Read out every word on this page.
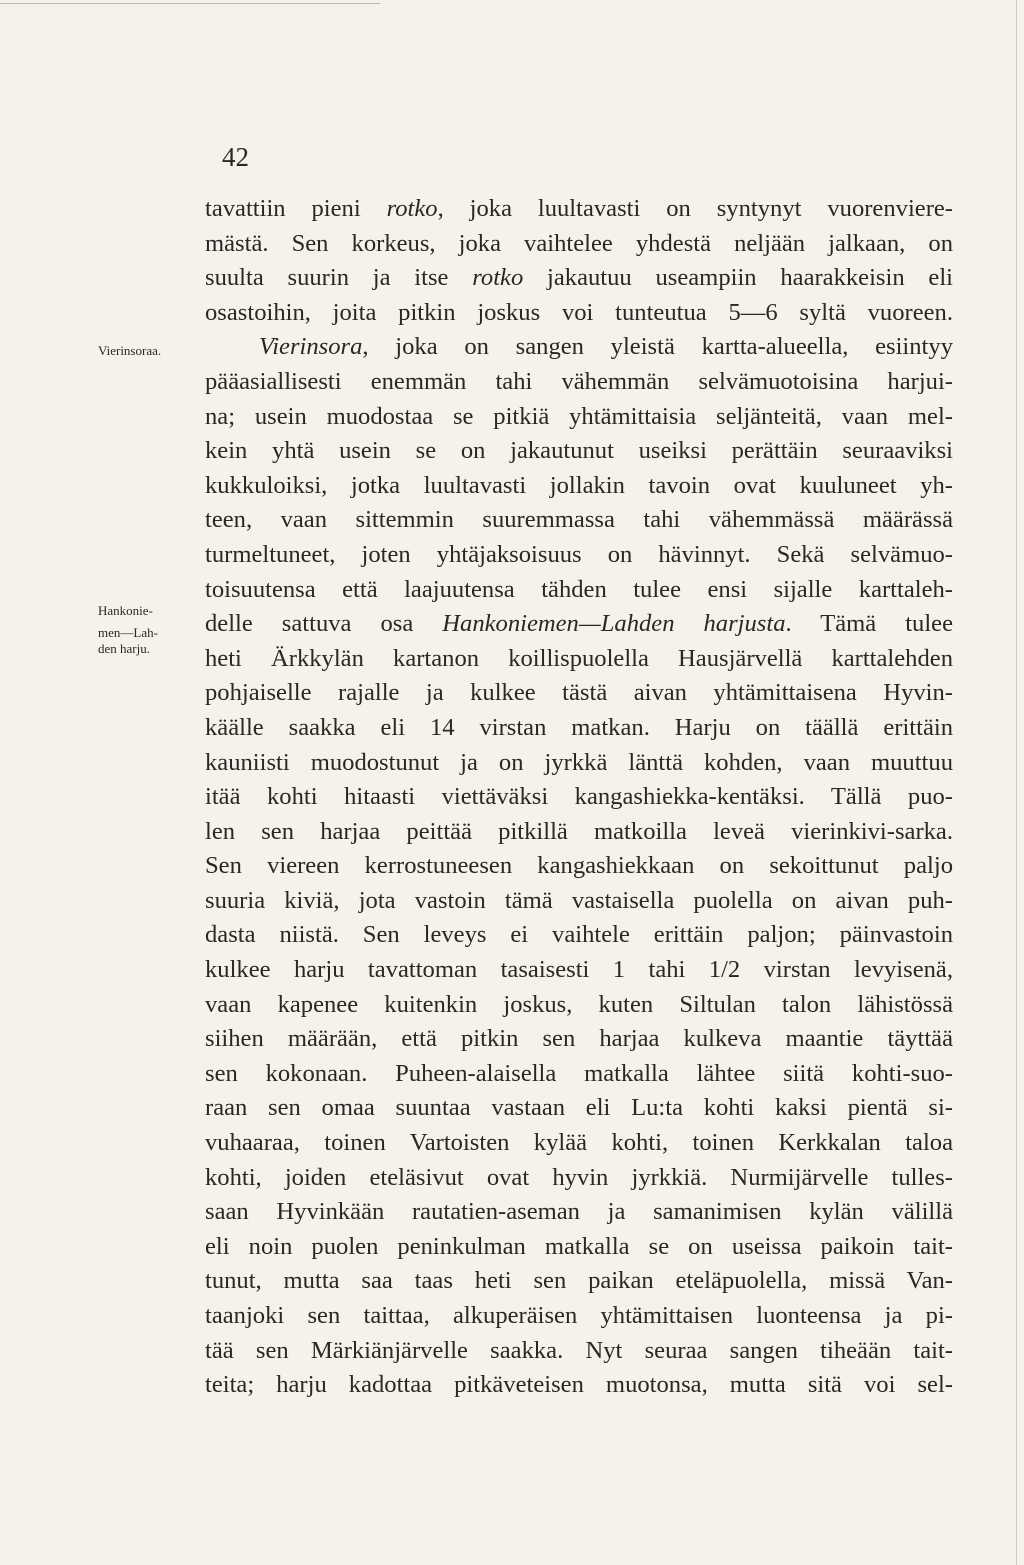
42
Vierinsoraa.
Hankonie-
men—Lah-
den harju.
tavattiin pieni rotko, joka luultavasti on syntynyt vuorenviere-
mästä. Sen korkeus, joka vaihtelee yhdestä neljään jalkaan, on
suulta suurin ja itse rotko jakautuu useampiin haarakkeisin eli
osastoihin, joita pitkin joskus voi tunteutua 5—6 syltä vuoreen.
Vierinsora, joka on sangen yleistä kartta-alueella, esiintyy
pääasiallisesti enemmän tahi vähemmän selvämuotoisina harjui-
na; usein muodostaa se pitkiä yhtämittaisia seljänteitä, vaan mel-
kein yhtä usein se on jakautunut useiksi perättäin seuraaviksi
kukkuloiksi, jotka luultavasti jollakin tavoin ovat kuuluneet yh-
teen, vaan sittemmin suuremmassa tahi vähemmässä määrässä
turmeltuneet, joten yhtäjaksoisuus on hävinnyt. Sekä selvämuo-
toisuutensa että laajuutensa tähden tulee ensi sijalle karttaleh-
delle sattuva osa Hankoniemen—Lahden harjusta. Tämä tulee
heti Ärkkylän kartanon koillispuolella Hausjärvellä karttalehden
pohjaiselle rajalle ja kulkee tästä aivan yhtämittaisena Hyvin-
käälle saakka eli 14 virstan matkan. Harju on täällä erittäin
kauniisti muodostunut ja on jyrkkä länttä kohden, vaan muuttuu
itää kohti hitaasti viettäväksi kangashiekka-kentäksi. Tällä puo-
len sen harjaa peittää pitkillä matkoilla leveä vierinkivi-sarka.
Sen viereen kerrostuneesen kangashiekkaan on sekoittunut paljo
suuria kiviä, jota vastoin tämä vastaisella puolella on aivan puh-
dasta niistä. Sen leveys ei vaihtele erittäin paljon; päinvastoin
kulkee harju tavattoman tasaisesti 1 tahi 1/2 virstan levyisenä,
vaan kapenee kuitenkin joskus, kuten Siltulan talon lähistössä
siihen määrään, että pitkin sen harjaa kulkeva maantie täyttää
sen kokonaan. Puheen-alaisella matkalla lähtee siitä kohti-suo-
raan sen omaa suuntaa vastaan eli Lu:ta kohti kaksi pientä si-
vuhaaraa, toinen Vartoisten kylää kohti, toinen Kerkkalan taloa
kohti, joiden eteläsivut ovat hyvin jyrkkiä. Nurmijärvelle tulles-
saan Hyvinkään rautatien-aseman ja samanimisen kylän välillä
eli noin puolen peninkulman matkalla se on useissa paikoin tait-
tunut, mutta saa taas heti sen paikan eteläpuolella, missä Van-
taanjoki sen taittaa, alkuperäisen yhtämittaisen luonteensa ja pi-
tää sen Märkiänjärvelle saakka. Nyt seuraa sangen tiheään tait-
teita; harju kadottaa pitkäveteisen muotonsa, mutta sitä voi sel-
